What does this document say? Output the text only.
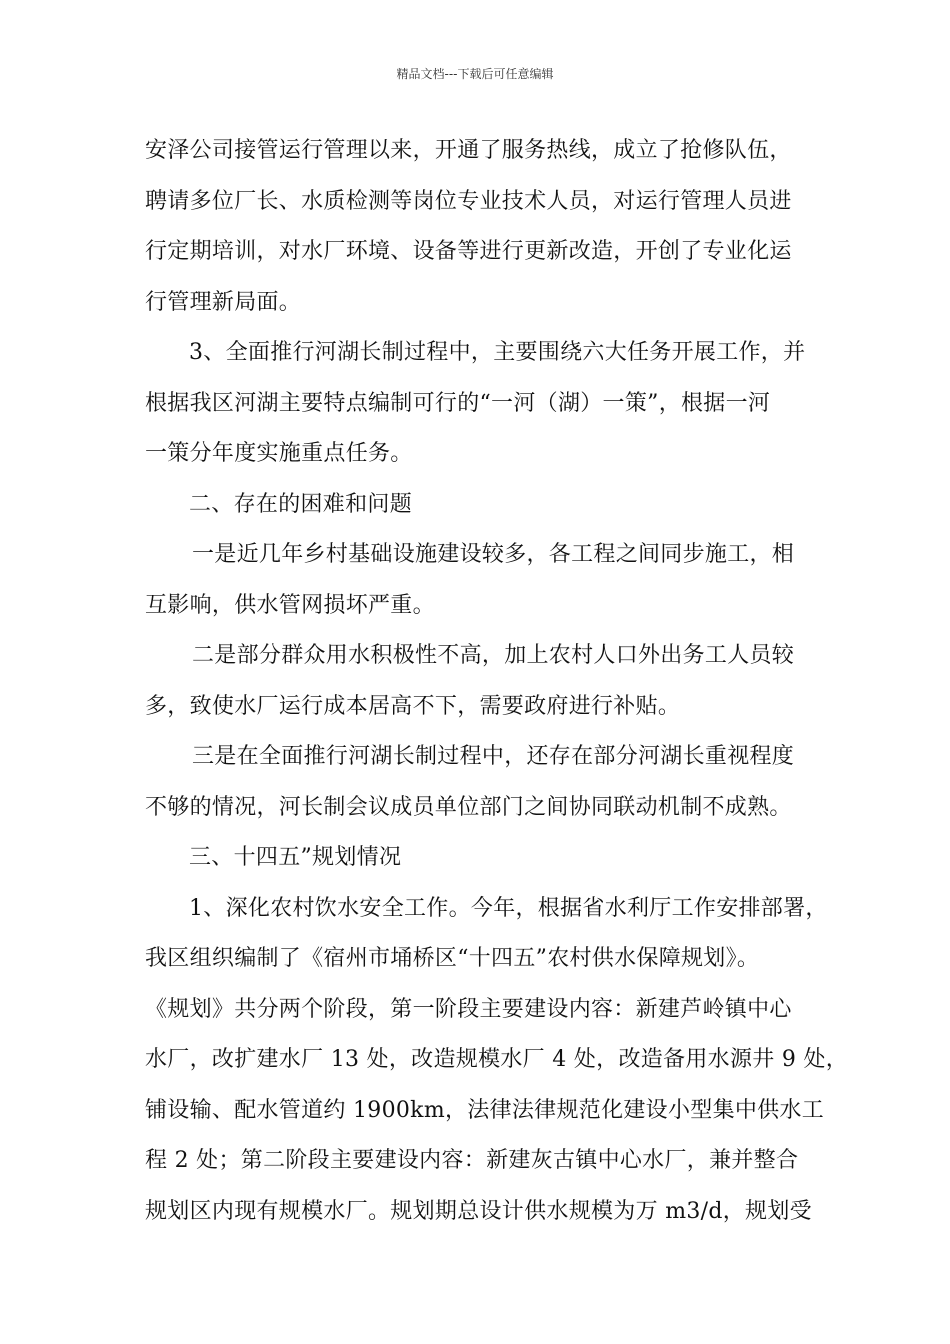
精品文档---下载后可任意编辑
安泽公司接管运行管理以来，开通了服务热线，成立了抢修队伍，
聘请多位厂长、水质检测等岗位专业技术人员，对运行管理人员进
行定期培训，对水厂环境、设备等进行更新改造，开创了专业化运
行管理新局面。
3、全面推行河湖长制过程中，主要围绕六大任务开展工作，并
根据我区河湖主要特点编制可行的“一河（湖）一策”，根据一河
一策分年度实施重点任务。
二、存在的困难和问题
一是近几年乡村基础设施建设较多，各工程之间同步施工，相
互影响，供水管网损坏严重。
二是部分群众用水积极性不高，加上农村人口外出务工人员较
多，致使水厂运行成本居高不下，需要政府进行补贴。
三是在全面推行河湖长制过程中，还存在部分河湖长重视程度
不够的情况，河长制会议成员单位部门之间协同联动机制不成熟。
三、十四五”规划情况
1、深化农村饮水安全工作。今年，根据省水利厅工作安排部署，
我区组织编制了《宿州市埇桥区“十四五”农村供水保障规划》。
《规划》共分两个阶段，第一阶段主要建设内容：新建芦岭镇中心
水厂，改扩建水厂 13 处，改造规模水厂 4 处，改造备用水源井 9 处，
铺设输、配水管道约 1900km，法律法律规范化建设小型集中供水工
程 2 处；第二阶段主要建设内容：新建灰古镇中心水厂，兼并整合
规划区内现有规模水厂。规划期总设计供水规模为万 m3/d，规划受
